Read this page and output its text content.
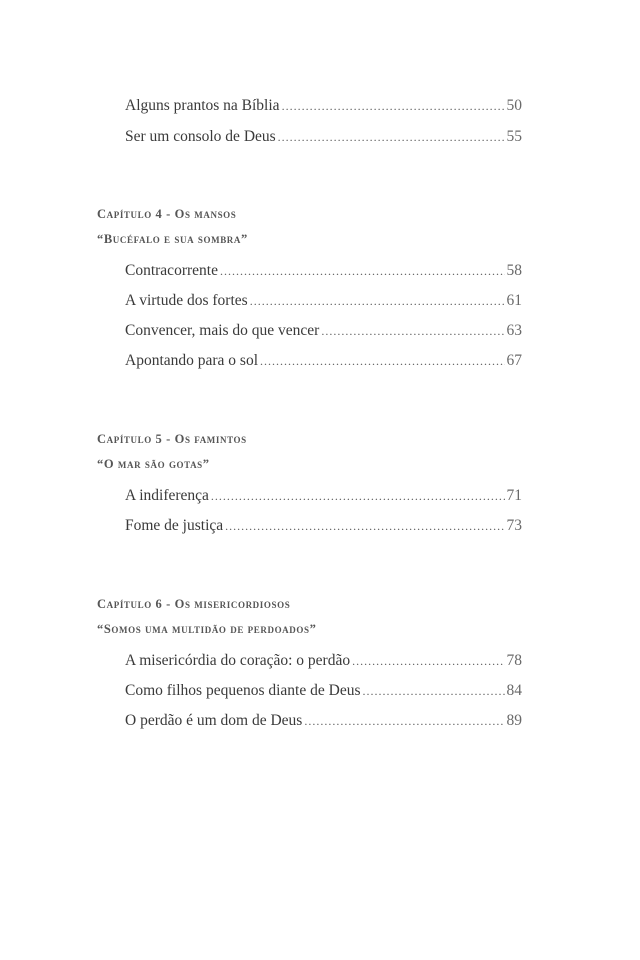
Alguns prantos na Bíblia .....	50
Ser um consolo de Deus .....	55
Capítulo 4 - Os mansos
“Bucéfalo e sua sombra”
Contracorrente .....	58
A virtude dos fortes .....	61
Convencer, mais do que vencer .....	63
Apontando para o sol .....	67
Capítulo 5 - Os famintos
“O mar são gotas”
A indiferença .....	71
Fome de justiça .....	73
Capítulo 6 - Os misericordiosos
“Somos uma multidão de perdoados”
A misericórdia do coração: o perdão .....	78
Como filhos pequenos diante de Deus .....	84
O perdão é um dom de Deus .....	89
